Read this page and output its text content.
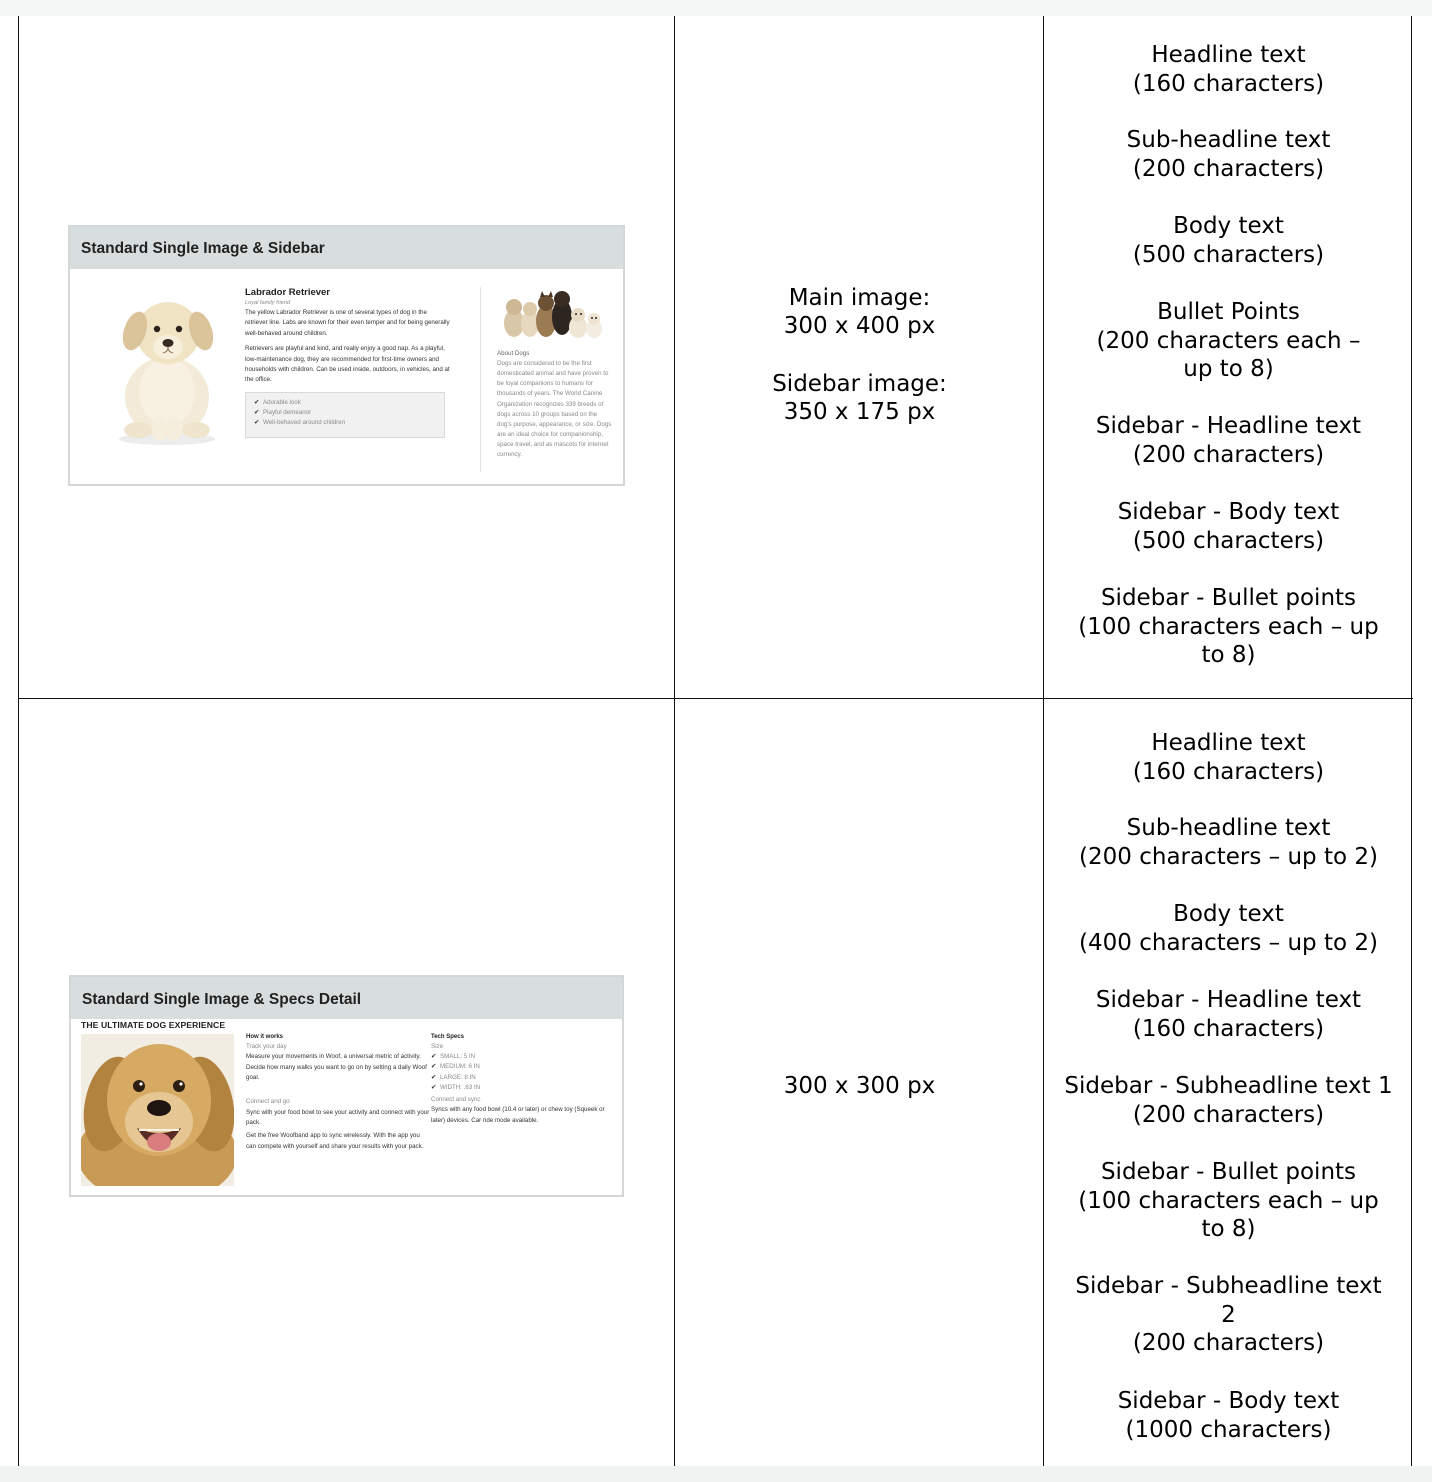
Standard Single Image & Sidebar
Labrador Retriever
Loyal family friend
The yellow Labrador Retriever is one of several types of dog in the retriever line. Labs are known for their even temper and for being generally well-behaved around children.
Retrievers are playful and kind, and really enjoy a good nap. As a playful, low-maintenance dog, they are recommended for first-time owners and households with children. Can be used inside, outdoors, in vehicles, and at the office.
✔ Adorable look
✔ Playful demeanor
✔ Well-behaved around children
About Dogs
Dogs are considered to be the first domesticated animal and have proven to be loyal companions to humans for thousands of years. The World Canine Organization recognizes 339 breeds of dogs across 10 groups based on the dog's purpose, appearance, or size. Dogs are an ideal choice for companionship, space travel, and as mascots for internet currency.
Main image:
300 x 400 px
Sidebar image:
350 x 175 px
Headline text
(160 characters)
Sub-headline text
(200 characters)
Body text
(500 characters)
Bullet Points
(200 characters each –
up to 8)
Sidebar - Headline text
(200 characters)
Sidebar - Body text
(500 characters)
Sidebar - Bullet points
(100 characters each – up
to 8)
Standard Single Image & Specs Detail
THE ULTIMATE DOG EXPERIENCE
How it works
Track your day
Measure your movements in Woof, a universal metric of activity.
Decide how many walks you want to go on by setting a daily Woof goal.
Connect and go
Sync with your food bowl to see your activity and connect with your pack.
Get the free Woofband app to sync wirelessly. With the app you can compete with yourself and share your results with your pack.
Tech Specs
Size
✔ SMALL: 5 IN
✔ MEDIUM: 6 IN
✔ LARGE: 8 IN
✔ WIDTH: .63 IN
Connect and sync
Syncs with any food bowl (10.4 or later) or chew toy (Squeek or later) devices. Car ride mode available.
300 x 300 px
Headline text
(160 characters)
Sub-headline text
(200 characters – up to 2)
Body text
(400 characters – up to 2)
Sidebar - Headline text
(160 characters)
Sidebar - Subheadline text 1
(200 characters)
Sidebar - Bullet points
(100 characters each – up
to 8)
Sidebar - Subheadline text
2
(200 characters)
Sidebar - Body text
(1000 characters)
